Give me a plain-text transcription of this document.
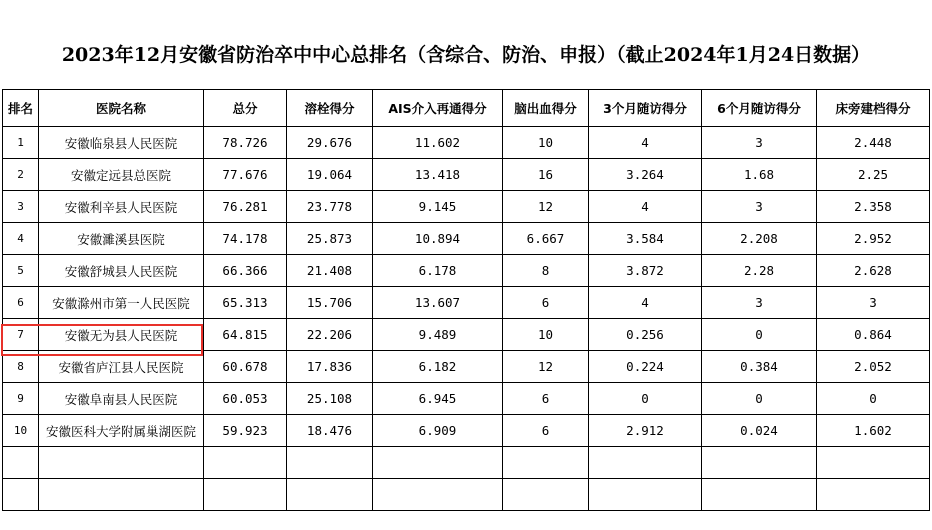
2023年12月安徽省防治卒中中心总排名（含综合、防治、申报）（截止2024年1月24日数据）
排名	医院名称	总分	溶栓得分	AIS介入再通得分	脑出血得分	3个月随访得分	6个月随访得分	床旁建档得分
1	安徽临泉县人民医院	78.726	29.676	11.602	10	4	3	2.448
2	安徽定远县总医院	77.676	19.064	13.418	16	3.264	1.68	2.25
3	安徽利辛县人民医院	76.281	23.778	9.145	12	4	3	2.358
4	安徽濉溪县医院	74.178	25.873	10.894	6.667	3.584	2.208	2.952
5	安徽舒城县人民医院	66.366	21.408	6.178	8	3.872	2.28	2.628
6	安徽滁州市第一人民医院	65.313	15.706	13.607	6	4	3	3
7	安徽无为县人民医院	64.815	22.206	9.489	10	0.256	0	0.864
8	安徽省庐江县人民医院	60.678	17.836	6.182	12	0.224	0.384	2.052
9	安徽阜南县人民医院	60.053	25.108	6.945	6	0	0	0
10	安徽医科大学附属巢湖医院	59.923	18.476	6.909	6	2.912	0.024	1.602
